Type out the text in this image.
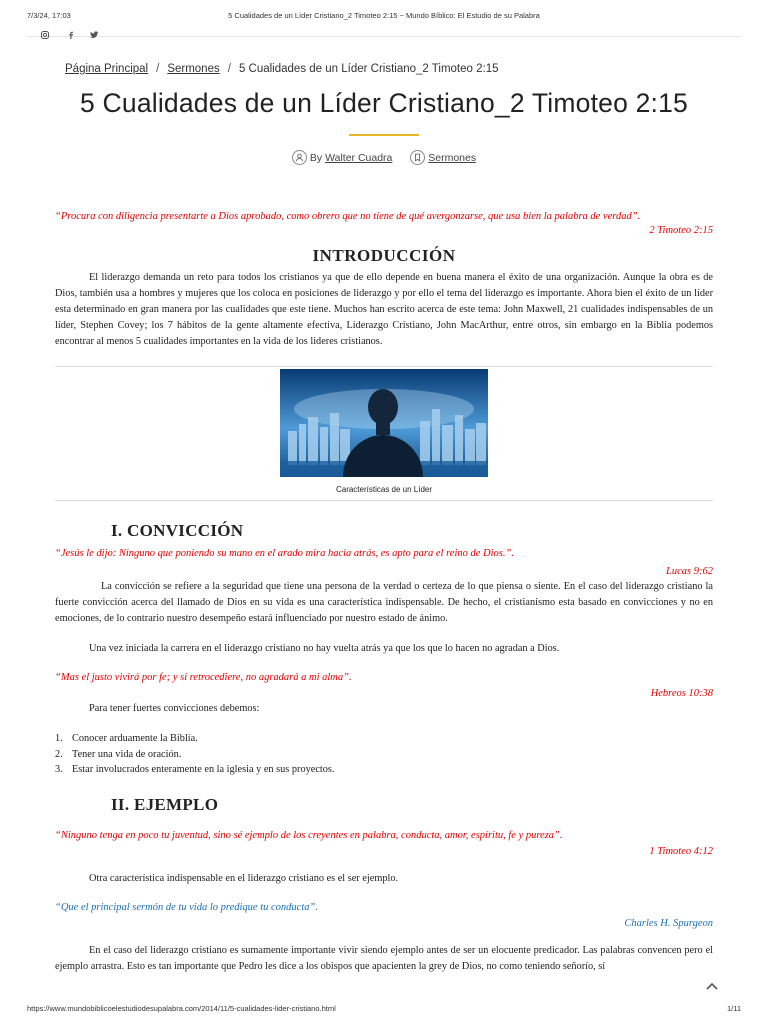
7/3/24, 17:03	5 Cualidades de un Líder Cristiano_2 Timoteo 2:15 ~ Mundo Bíblico: El Estudio de su Palabra
Página Principal / Sermones / 5 Cualidades de un Líder Cristiano_2 Timoteo 2:15
5 Cualidades de un Líder Cristiano_2 Timoteo 2:15
By
Walter Cuadra
	Sermones
“Procura con diligencia presentarte a Dios aprobado, como obrero que no tiene de qué avergonzarse, que usa bien la palabra de verdad”.
2 Timoteo 2:15
INTRODUCCIÓN

El liderazgo demanda un reto para todos los cristianos ya que de ello depende en buena manera el éxito de una organización. Aunque la obra es de Dios, también usa a hombres y mujeres que los coloca en posiciones de liderazgo y por ello el tema del liderazgo es importante. Ahora bien el éxito de un líder esta determinado en gran manera por las cualidades que este tiene. Muchos han escrito acerca de este tema: John Maxwell, 21 cualidades indispensables de un líder, Stephen Covey; los 7 hábitos de la gente altamente efectiva, Liderazgo Cristiano, John MacArthur, entre otros, sin embargo en la Biblia podemos encontrar al menos 5 cualidades importantes en la vida de los lideres cristianos.

Características de un Líder
I. CONVICCIÓN
“Jesús le dijo: Ninguno que poniendo su mano en el arado mira hacia atrás, es apto para el reino de Dios.”.
Lucas 9:62

La convicción se refiere a la seguridad que tiene una persona de la verdad o certeza de lo que piensa o siente. En el caso del liderazgo cristiano la fuerte convicción acerca del llamado de Dios en su vida es una característica indispensable. De hecho, el cristianismo esta basado en convicciones y no en emociones, de lo contrario nuestro desempeño estará influenciado por nuestro estado de ánimo.

Una vez iniciada la carrera en el liderazgo cristiano no hay vuelta atrás ya que los que lo hacen no agradan a Dios.

“Mas el justo vivirá por fe; y si retrocediere, no agradará a mi alma”.
Hebreos 10:38

Para tener fuertes convicciones debemos:

1. Conocer arduamente la Biblia.
2. Tener una vida de oración.
3. Estar involucrados enteramente en la iglesia y en sus proyectos.
II. EJEMPLO
“Ninguno tenga en poco tu juventud, sino sé ejemplo de los creyentes en palabra, conducta, amor, espíritu, fe y pureza”.
1 Timoteo 4:12

Otra característica indispensable en el liderazgo cristiano es el ser ejemplo.

“Que el principal sermón de tu vida lo predique tu conducta”.
Charles H. Spurgeon

En el caso del liderazgo cristiano es sumamente importante vivir siendo ejemplo antes de ser un elocuente predicador. Las palabras convencen pero el ejemplo arrastra. Esto es tan importante que Pedro les dice a los obispos que apacienten la grey de Dios, no como teniendo señorío, sí

https://www.mundobiblicoelestudiodesupalabra.com/2014/11/5-cualidades-lider-cristiano.html	1/11
